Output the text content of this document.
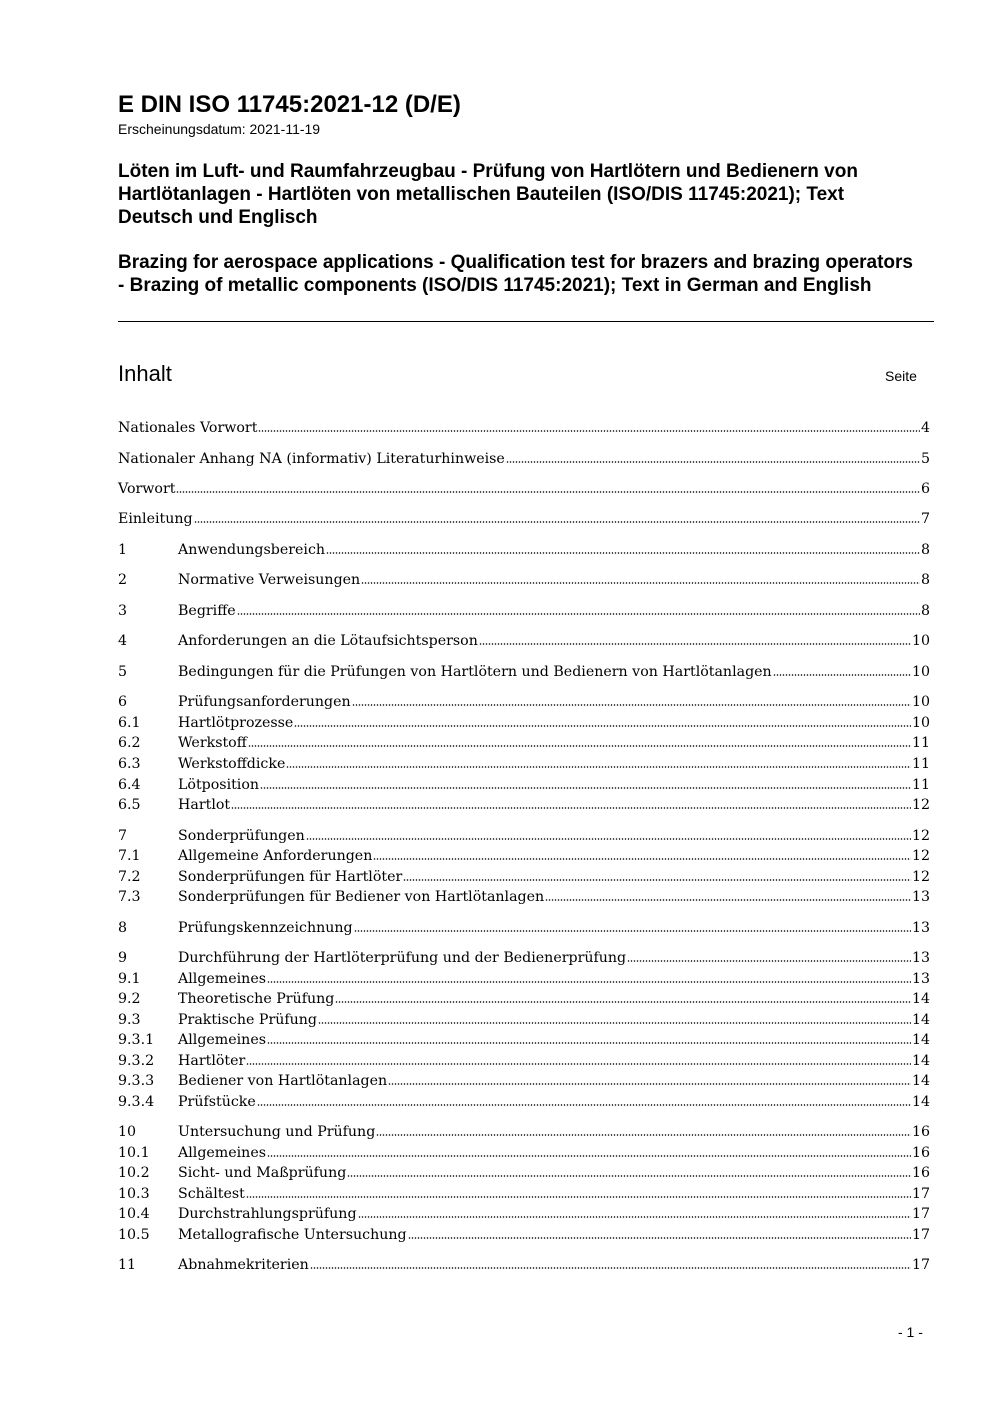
E DIN ISO 11745:2021-12 (D/E)
Erscheinungsdatum: 2021-11-19
Löten im Luft- und Raumfahrzeugbau - Prüfung von Hartlötern und Bedienern von Hartlötanlagen - Hartlöten von metallischen Bauteilen (ISO/DIS 11745:2021); Text Deutsch und Englisch
Brazing for aerospace applications - Qualification test for brazers and brazing operators - Brazing of metallic components (ISO/DIS 11745:2021); Text in German and English
Inhalt	Seite
Nationales Vorwort	4
Nationaler Anhang NA (informativ) Literaturhinweise	5
Vorwort	6
Einleitung	7
1	Anwendungsbereich	8
2	Normative Verweisungen	8
3	Begriffe	8
4	Anforderungen an die Lötaufsichtsperson	10
5	Bedingungen für die Prüfungen von Hartlötern und Bedienern von Hartlötanlagen	10
6	Prüfungsanforderungen	10
6.1	Hartlötprozesse	10
6.2	Werkstoff	11
6.3	Werkstoffdicke	11
6.4	Lötposition	11
6.5	Hartlot	12
7	Sonderprüfungen	12
7.1	Allgemeine Anforderungen	12
7.2	Sonderprüfungen für Hartlöter	12
7.3	Sonderprüfungen für Bediener von Hartlötanlagen	13
8	Prüfungskennzeichnung	13
9	Durchführung der Hartlöterprüfung und der Bedienerprüfung	13
9.1	Allgemeines	13
9.2	Theoretische Prüfung	14
9.3	Praktische Prüfung	14
9.3.1	Allgemeines	14
9.3.2	Hartlöter	14
9.3.3	Bediener von Hartlötanlagen	14
9.3.4	Prüfstücke	14
10	Untersuchung und Prüfung	16
10.1	Allgemeines	16
10.2	Sicht- und Maßprüfung	16
10.3	Schältest	17
10.4	Durchstrahlungsprüfung	17
10.5	Metallografische Untersuchung	17
11	Abnahmekriterien	17
- 1 -
